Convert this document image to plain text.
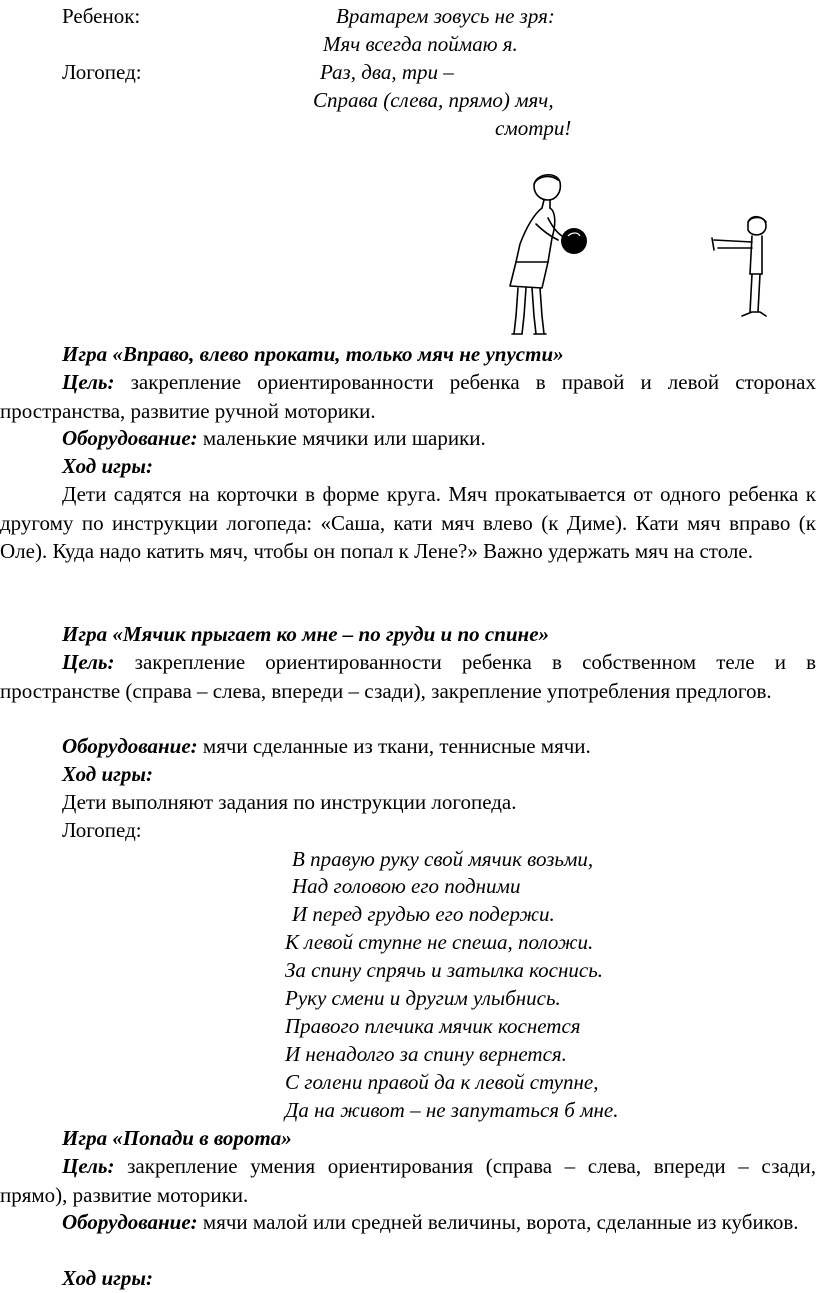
Ребенок:	Вратарем зовусь не зря:
Мяч всегда поймаю я.
Логопед:	Раз, два, три –
Справа (слева, прямо) мяч,
смотри!
Игра «Вправо, влево прокати, только мяч не упусти»
Цель: закрепление ориентированности ребенка в правой и левой сторонах пространства, развитие ручной моторики.
Оборудование: маленькие мячики или шарики.
Ход игры:
Дети садятся на корточки в форме круга. Мяч прокатывается от одного ребенка к другому по инструкции логопеда: «Саша, кати мяч влево (к Диме). Кати мяч вправо (к Оле). Куда надо катить мяч, чтобы он попал к Лене?» Важно удержать мяч на столе.
Игра «Мячик прыгает ко мне – по груди и по спине»
Цель: закрепление ориентированности ребенка в собственном теле и в пространстве (справа – слева, впереди – сзади), закрепление употребления предлогов.
Оборудование: мячи сделанные из ткани, теннисные мячи.
Ход игры:
Дети выполняют задания по инструкции логопеда.
Логопед:
В правую руку свой мячик возьми,
Над головою его подними
И перед грудью его подержи.
К левой ступне не спеша, положи.
За спину спрячь и затылка коснись.
Руку смени и другим улыбнись.
Правого плечика мячик коснется
И ненадолго за спину вернется.
С голени правой да к левой ступне,
Да на живот – не запутаться б мне.
Игра «Попади в ворота»
Цель: закрепление умения ориентирования (справа – слева, впереди – сзади, прямо), развитие моторики.
Оборудование: мячи малой или средней величины, ворота, сделанные из кубиков.
Ход игры:
